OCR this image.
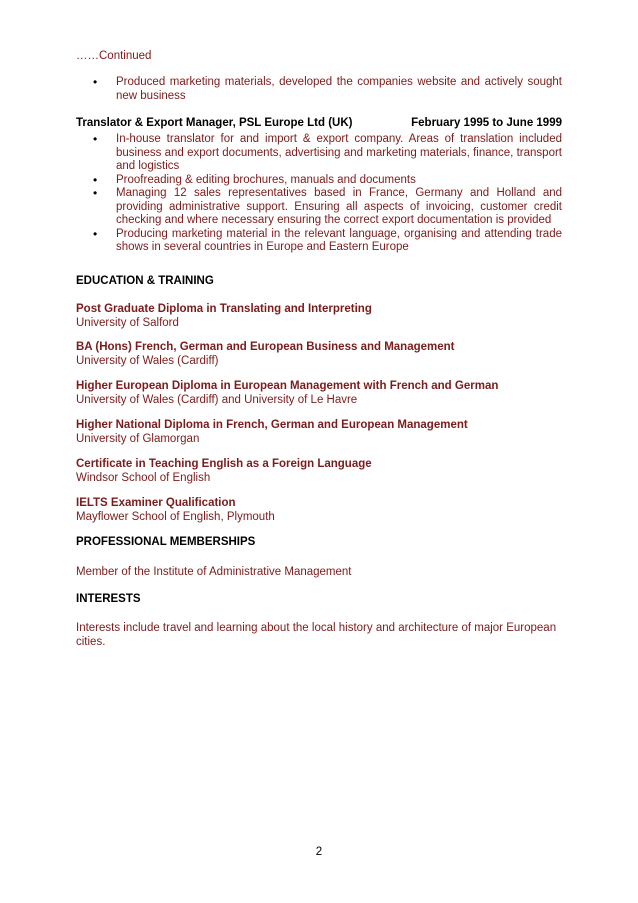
……Continued
• Produced marketing materials, developed the companies website and actively sought new business
Translator & Export Manager, PSL Europe Ltd (UK)	February 1995 to June 1999
• In-house translator for and import & export company. Areas of translation included business and export documents, advertising and marketing materials, finance, transport and logistics
• Proofreading & editing brochures, manuals and documents
• Managing 12 sales representatives based in France, Germany and Holland and providing administrative support. Ensuring all aspects of invoicing, customer credit checking and where necessary ensuring the correct export documentation is provided
• Producing marketing material in the relevant language, organising and attending trade shows in several countries in Europe and Eastern Europe
EDUCATION & TRAINING
Post Graduate Diploma in Translating and Interpreting
University of Salford
BA (Hons) French, German and European Business and Management
University of Wales (Cardiff)
Higher European Diploma in European Management with French and German
University of Wales (Cardiff) and University of Le Havre
Higher National Diploma in French, German and European Management
University of Glamorgan
Certificate in Teaching English as a Foreign Language
Windsor School of English
IELTS Examiner Qualification
Mayflower School of English, Plymouth
PROFESSIONAL MEMBERSHIPS
Member of the Institute of Administrative Management
INTERESTS
Interests include travel and learning about the local history and architecture of major European cities.
2
